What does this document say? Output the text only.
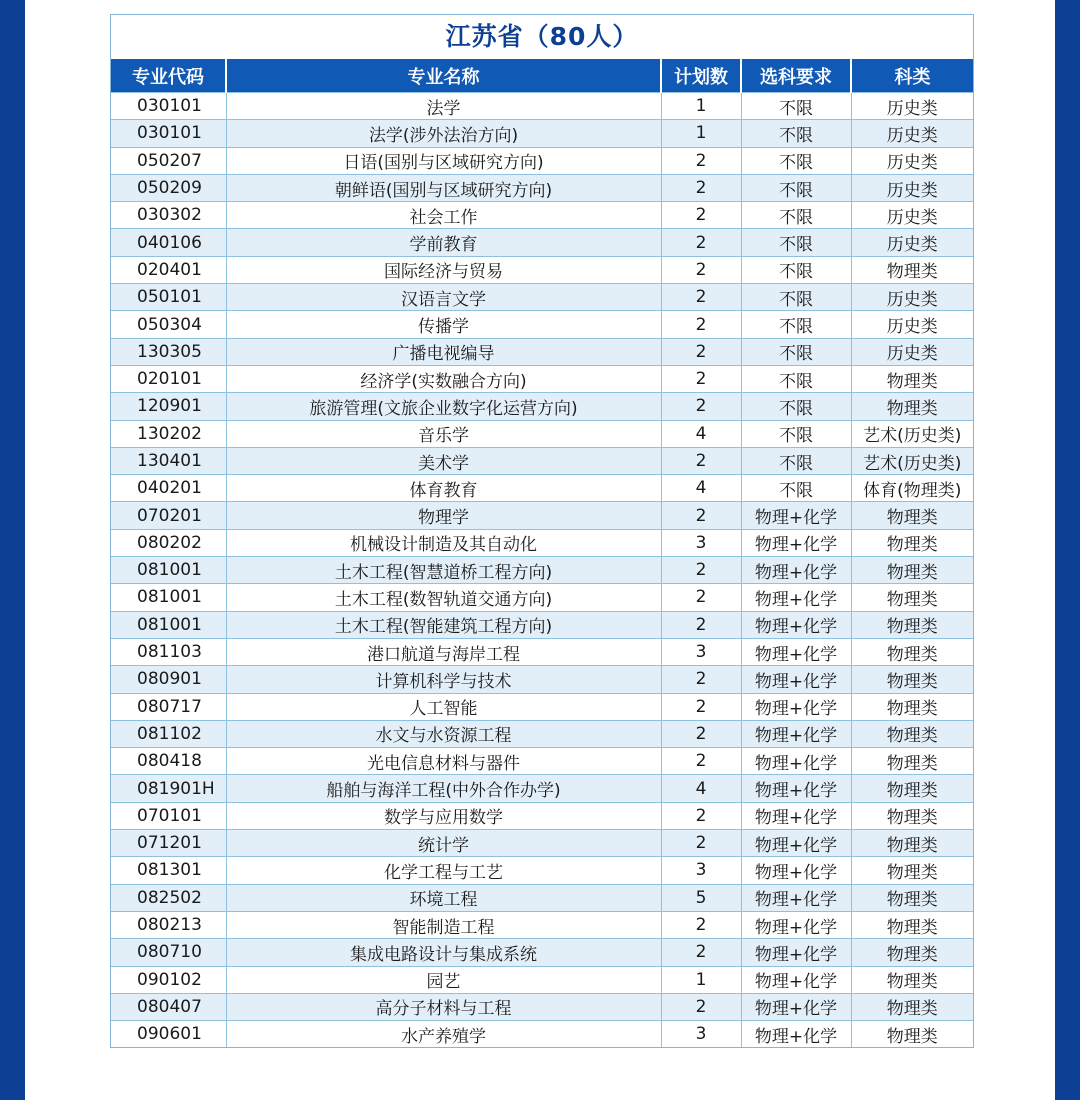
江苏省（80人）
专业代码	专业名称	计划数	选科要求	科类
030101	法学	1	不限	历史类
030101	法学(涉外法治方向)	1	不限	历史类
050207	日语(国别与区域研究方向)	2	不限	历史类
050209	朝鲜语(国别与区域研究方向)	2	不限	历史类
030302	社会工作	2	不限	历史类
040106	学前教育	2	不限	历史类
020401	国际经济与贸易	2	不限	物理类
050101	汉语言文学	2	不限	历史类
050304	传播学	2	不限	历史类
130305	广播电视编导	2	不限	历史类
020101	经济学(实数融合方向)	2	不限	物理类
120901	旅游管理(文旅企业数字化运营方向)	2	不限	物理类
130202	音乐学	4	不限	艺术(历史类)
130401	美术学	2	不限	艺术(历史类)
040201	体育教育	4	不限	体育(物理类)
070201	物理学	2	物理+化学	物理类
080202	机械设计制造及其自动化	3	物理+化学	物理类
081001	土木工程(智慧道桥工程方向)	2	物理+化学	物理类
081001	土木工程(数智轨道交通方向)	2	物理+化学	物理类
081001	土木工程(智能建筑工程方向)	2	物理+化学	物理类
081103	港口航道与海岸工程	3	物理+化学	物理类
080901	计算机科学与技术	2	物理+化学	物理类
080717	人工智能	2	物理+化学	物理类
081102	水文与水资源工程	2	物理+化学	物理类
080418	光电信息材料与器件	2	物理+化学	物理类
081901H	船舶与海洋工程(中外合作办学)	4	物理+化学	物理类
070101	数学与应用数学	2	物理+化学	物理类
071201	统计学	2	物理+化学	物理类
081301	化学工程与工艺	3	物理+化学	物理类
082502	环境工程	5	物理+化学	物理类
080213	智能制造工程	2	物理+化学	物理类
080710	集成电路设计与集成系统	2	物理+化学	物理类
090102	园艺	1	物理+化学	物理类
080407	高分子材料与工程	2	物理+化学	物理类
090601	水产养殖学	3	物理+化学	物理类
